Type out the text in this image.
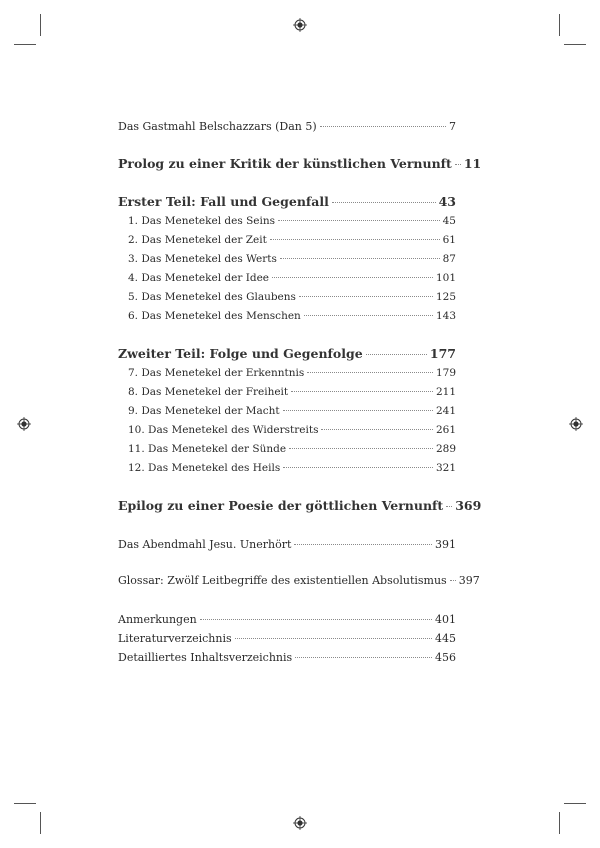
Das Gastmahl Belschazzars (Dan 5)	7
Prolog zu einer Kritik der künstlichen Vernunft 11
Erster Teil: Fall und Gegenfall	43
1. Das Menetekel des Seins	45
2. Das Menetekel der Zeit	61
3. Das Menetekel des Werts	87
4. Das Menetekel der Idee	101
5. Das Menetekel des Glaubens	125
6. Das Menetekel des Menschen	143
Zweiter Teil: Folge und Gegenfolge	177
7. Das Menetekel der Erkenntnis	179
8. Das Menetekel der Freiheit	211
9. Das Menetekel der Macht	241
10. Das Menetekel des Widerstreits	261
11. Das Menetekel der Sünde	289
12. Das Menetekel des Heils	321
Epilog zu einer Poesie der göttlichen Vernunft 369
Das Abendmahl Jesu. Unerhört	391
Glossar: Zwölf Leitbegriffe des existentiellen Absolutismus 397
Anmerkungen	401
Literaturverzeichnis	445
Detailliertes Inhaltsverzeichnis	456
